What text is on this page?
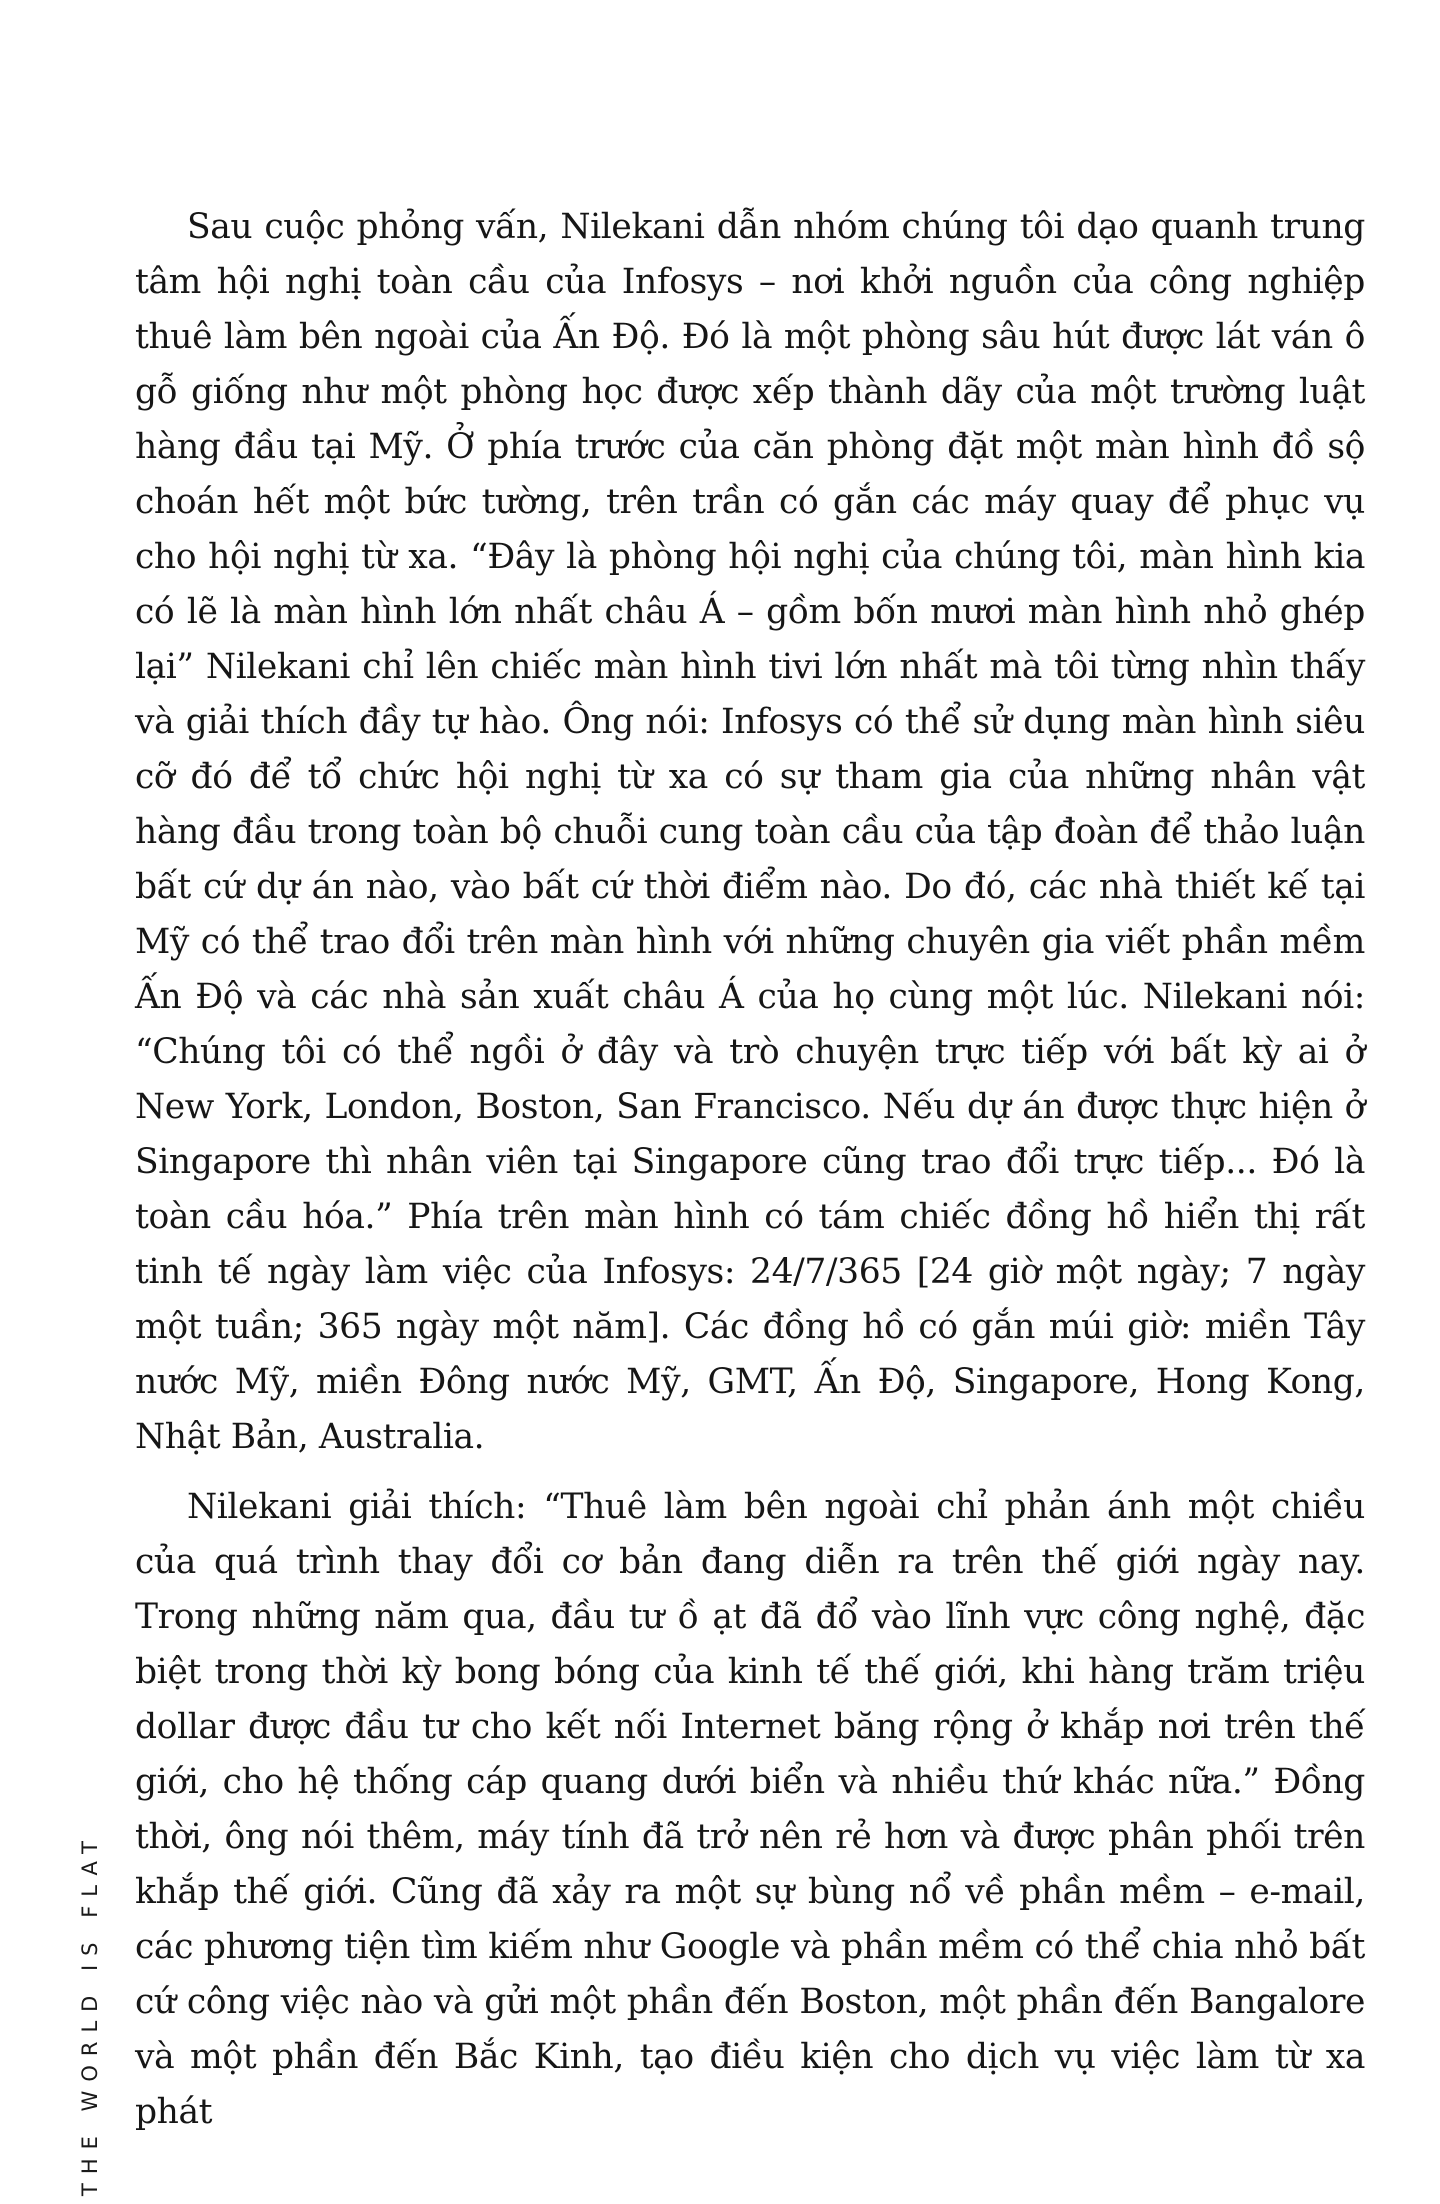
Sau cuộc phỏng vấn, Nilekani dẫn nhóm chúng tôi dạo quanh trung tâm hội nghị toàn cầu của Infosys – nơi khởi nguồn của công nghiệp thuê làm bên ngoài của Ấn Độ. Đó là một phòng sâu hút được lát ván ô gỗ giống như một phòng học được xếp thành dãy của một trường luật hàng đầu tại Mỹ. Ở phía trước của căn phòng đặt một màn hình đồ sộ choán hết một bức tường, trên trần có gắn các máy quay để phục vụ cho hội nghị từ xa. “Đây là phòng hội nghị của chúng tôi, màn hình kia có lẽ là màn hình lớn nhất châu Á – gồm bốn mươi màn hình nhỏ ghép lại” Nilekani chỉ lên chiếc màn hình tivi lớn nhất mà tôi từng nhìn thấy và giải thích đầy tự hào. Ông nói: Infosys có thể sử dụng màn hình siêu cỡ đó để tổ chức hội nghị từ xa có sự tham gia của những nhân vật hàng đầu trong toàn bộ chuỗi cung toàn cầu của tập đoàn để thảo luận bất cứ dự án nào, vào bất cứ thời điểm nào. Do đó, các nhà thiết kế tại Mỹ có thể trao đổi trên màn hình với những chuyên gia viết phần mềm Ấn Độ và các nhà sản xuất châu Á của họ cùng một lúc. Nilekani nói: “Chúng tôi có thể ngồi ở đây và trò chuyện trực tiếp với bất kỳ ai ở New York, London, Boston, San Francisco. Nếu dự án được thực hiện ở Singapore thì nhân viên tại Singapore cũng trao đổi trực tiếp... Đó là toàn cầu hóa.” Phía trên màn hình có tám chiếc đồng hồ hiển thị rất tinh tế ngày làm việc của Infosys: 24/7/365 [24 giờ một ngày; 7 ngày một tuần; 365 ngày một năm]. Các đồng hồ có gắn múi giờ: miền Tây nước Mỹ, miền Đông nước Mỹ, GMT, Ấn Độ, Singapore, Hong Kong, Nhật Bản, Australia.

Nilekani giải thích: “Thuê làm bên ngoài chỉ phản ánh một chiều của quá trình thay đổi cơ bản đang diễn ra trên thế giới ngày nay. Trong những năm qua, đầu tư ồ ạt đã đổ vào lĩnh vực công nghệ, đặc biệt trong thời kỳ bong bóng của kinh tế thế giới, khi hàng trăm triệu dollar được đầu tư cho kết nối Internet băng rộng ở khắp nơi trên thế giới, cho hệ thống cáp quang dưới biển và nhiều thứ khác nữa.” Đồng thời, ông nói thêm, máy tính đã trở nên rẻ hơn và được phân phối trên khắp thế giới. Cũng đã xảy ra một sự bùng nổ về phần mềm – e-mail, các phương tiện tìm kiếm như Google và phần mềm có thể chia nhỏ bất cứ công việc nào và gửi một phần đến Boston, một phần đến Bangalore và một phần đến Bắc Kinh, tạo điều kiện cho dịch vụ việc làm từ xa phát

THE WORLD IS FLAT
